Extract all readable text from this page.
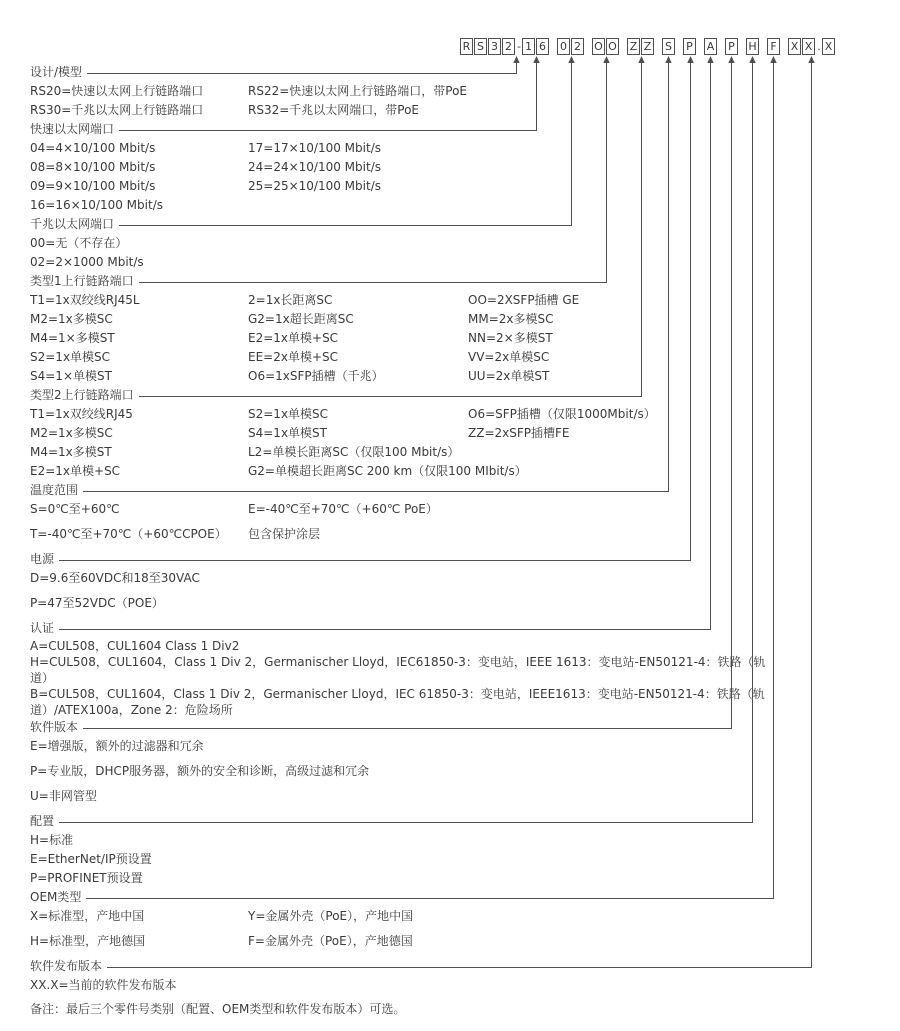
R S 3 2 - 1 6 0 2 O O Z Z S P A P H F X X . X
设计/模型
RS20=快速以太网上行链路端口	RS22=快速以太网上行链路端口，带PoE
RS30=千兆以太网上行链路端口	RS32=千兆以太网端口，带PoE
快速以太网端口
04=4×10/100 Mbit/s	17=17×10/100 Mbit/s
08=8×10/100 Mbit/s	24=24×10/100 Mbit/s
09=9×10/100 Mbit/s	25=25×10/100 Mbit/s
16=16×10/100 Mbit/s
千兆以太网端口
00=无（不存在）
02=2×1000 Mbit/s
类型1上行链路端口
T1=1x双绞线RJ45L	2=1x长距离SC	OO=2XSFP插槽 GE
M2=1x多模SC	G2=1x超长距离SC	MM=2x多模SC
M4=1×多模ST	E2=1x单模+SC	NN=2×多模ST
S2=1x单模SC	EE=2x单模+SC	VV=2x单模SC
S4=1×单模ST	O6=1xSFP插槽（千兆）	UU=2x单模ST
类型2上行链路端口
T1=1x双绞线RJ45	S2=1x单模SC	O6=SFP插槽（仅限1000Mbit/s）
M2=1x多模SC	S4=1x单模ST	ZZ=2xSFP插槽FE
M4=1x多模ST	L2=单模长距离SC（仅限100 Mbit/s）
E2=1x单模+SC	G2=单模超长距离SC 200 km（仅限100 MIbit/s）
温度范围
S=0℃至+60℃	E=-40℃至+70℃（+60℃ PoE）
T=-40℃至+70℃（+60℃CPOE）	包含保护涂层
电源
D=9.6至60VDC和18至30VAC
P=47至52VDC（POE）
认证
A=CUL508，CUL1604 Class 1 Div2
H=CUL508，CUL1604，Class 1 Div 2，Germanischer Lloyd，IEC61850-3：变电站，IEEE 1613：变电站-EN50121-4：铁路（轨道）
B=CUL508，CUL1604，Class 1 Div 2，Germanischer Lloyd，IEC 61850-3：变电站，IEEE1613：变电站-EN50121-4：铁路（轨道）/ATEX100a，Zone 2：危险场所
软件版本
E=增强版，额外的过滤器和冗余
P=专业版，DHCP服务器，额外的安全和诊断，高级过滤和冗余
U=非网管型
配置
H=标准
E=EtherNet/IP预设置
P=PROFINET预设置
OEM类型
X=标准型，产地中国	Y=金属外壳（PoE），产地中国
H=标准型，产地德国	F=金属外壳（PoE），产地德国
软件发布版本
XX.X=当前的软件发布版本
备注：最后三个零件号类别（配置、OEM类型和软件发布版本）可选。
